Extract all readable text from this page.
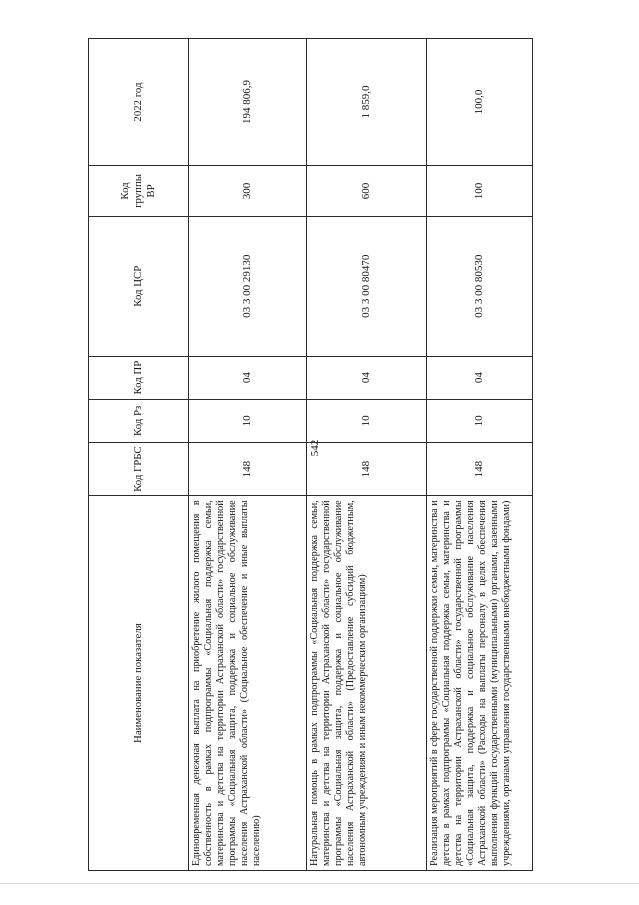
542
Наименование показателя	Код ГРБС	Код Рз	Код ПР	Код ЦСР	Код группы ВР	2022 год
Единовременная денежная выплата на приобретение жилого помещения в собственность в рамках подпрограммы «Социальная поддержка семьи, материнства и детства на территории Астраханской области» государственной программы «Социальная защита, поддержка и социальное обслуживание населения Астраханской области» (Социальное обеспечение и иные выплаты населению)	148	10	04	03 3 00 29130	300	194 806,9
Натуральная помощь в рамках подпрограммы «Социальная поддержка семьи, материнства и детства на территории Астраханской области» государственной программы «Социальная защита, поддержка и социальное обслуживание населения Астраханской области» (Предоставление субсидий бюджетным, автономным учреждениям и иным некоммерческим организациям)	148	10	04	03 3 00 80470	600	1 859,0
Реализация мероприятий в сфере государственной поддержки семьи, материнства и детства в рамках подпрограммы «Социальная поддержка семьи, материнства и детства на территории Астраханской области» государственной программы «Социальная защита, поддержка и социальное обслуживание населения Астраханской области» (Расходы на выплаты персоналу в целях обеспечения выполнения функций государственными (муниципальными) органами, казенными учреждениями, органами управления государственными внебюджетными фондами)	148	10	04	03 3 00 80530	100	100,0
